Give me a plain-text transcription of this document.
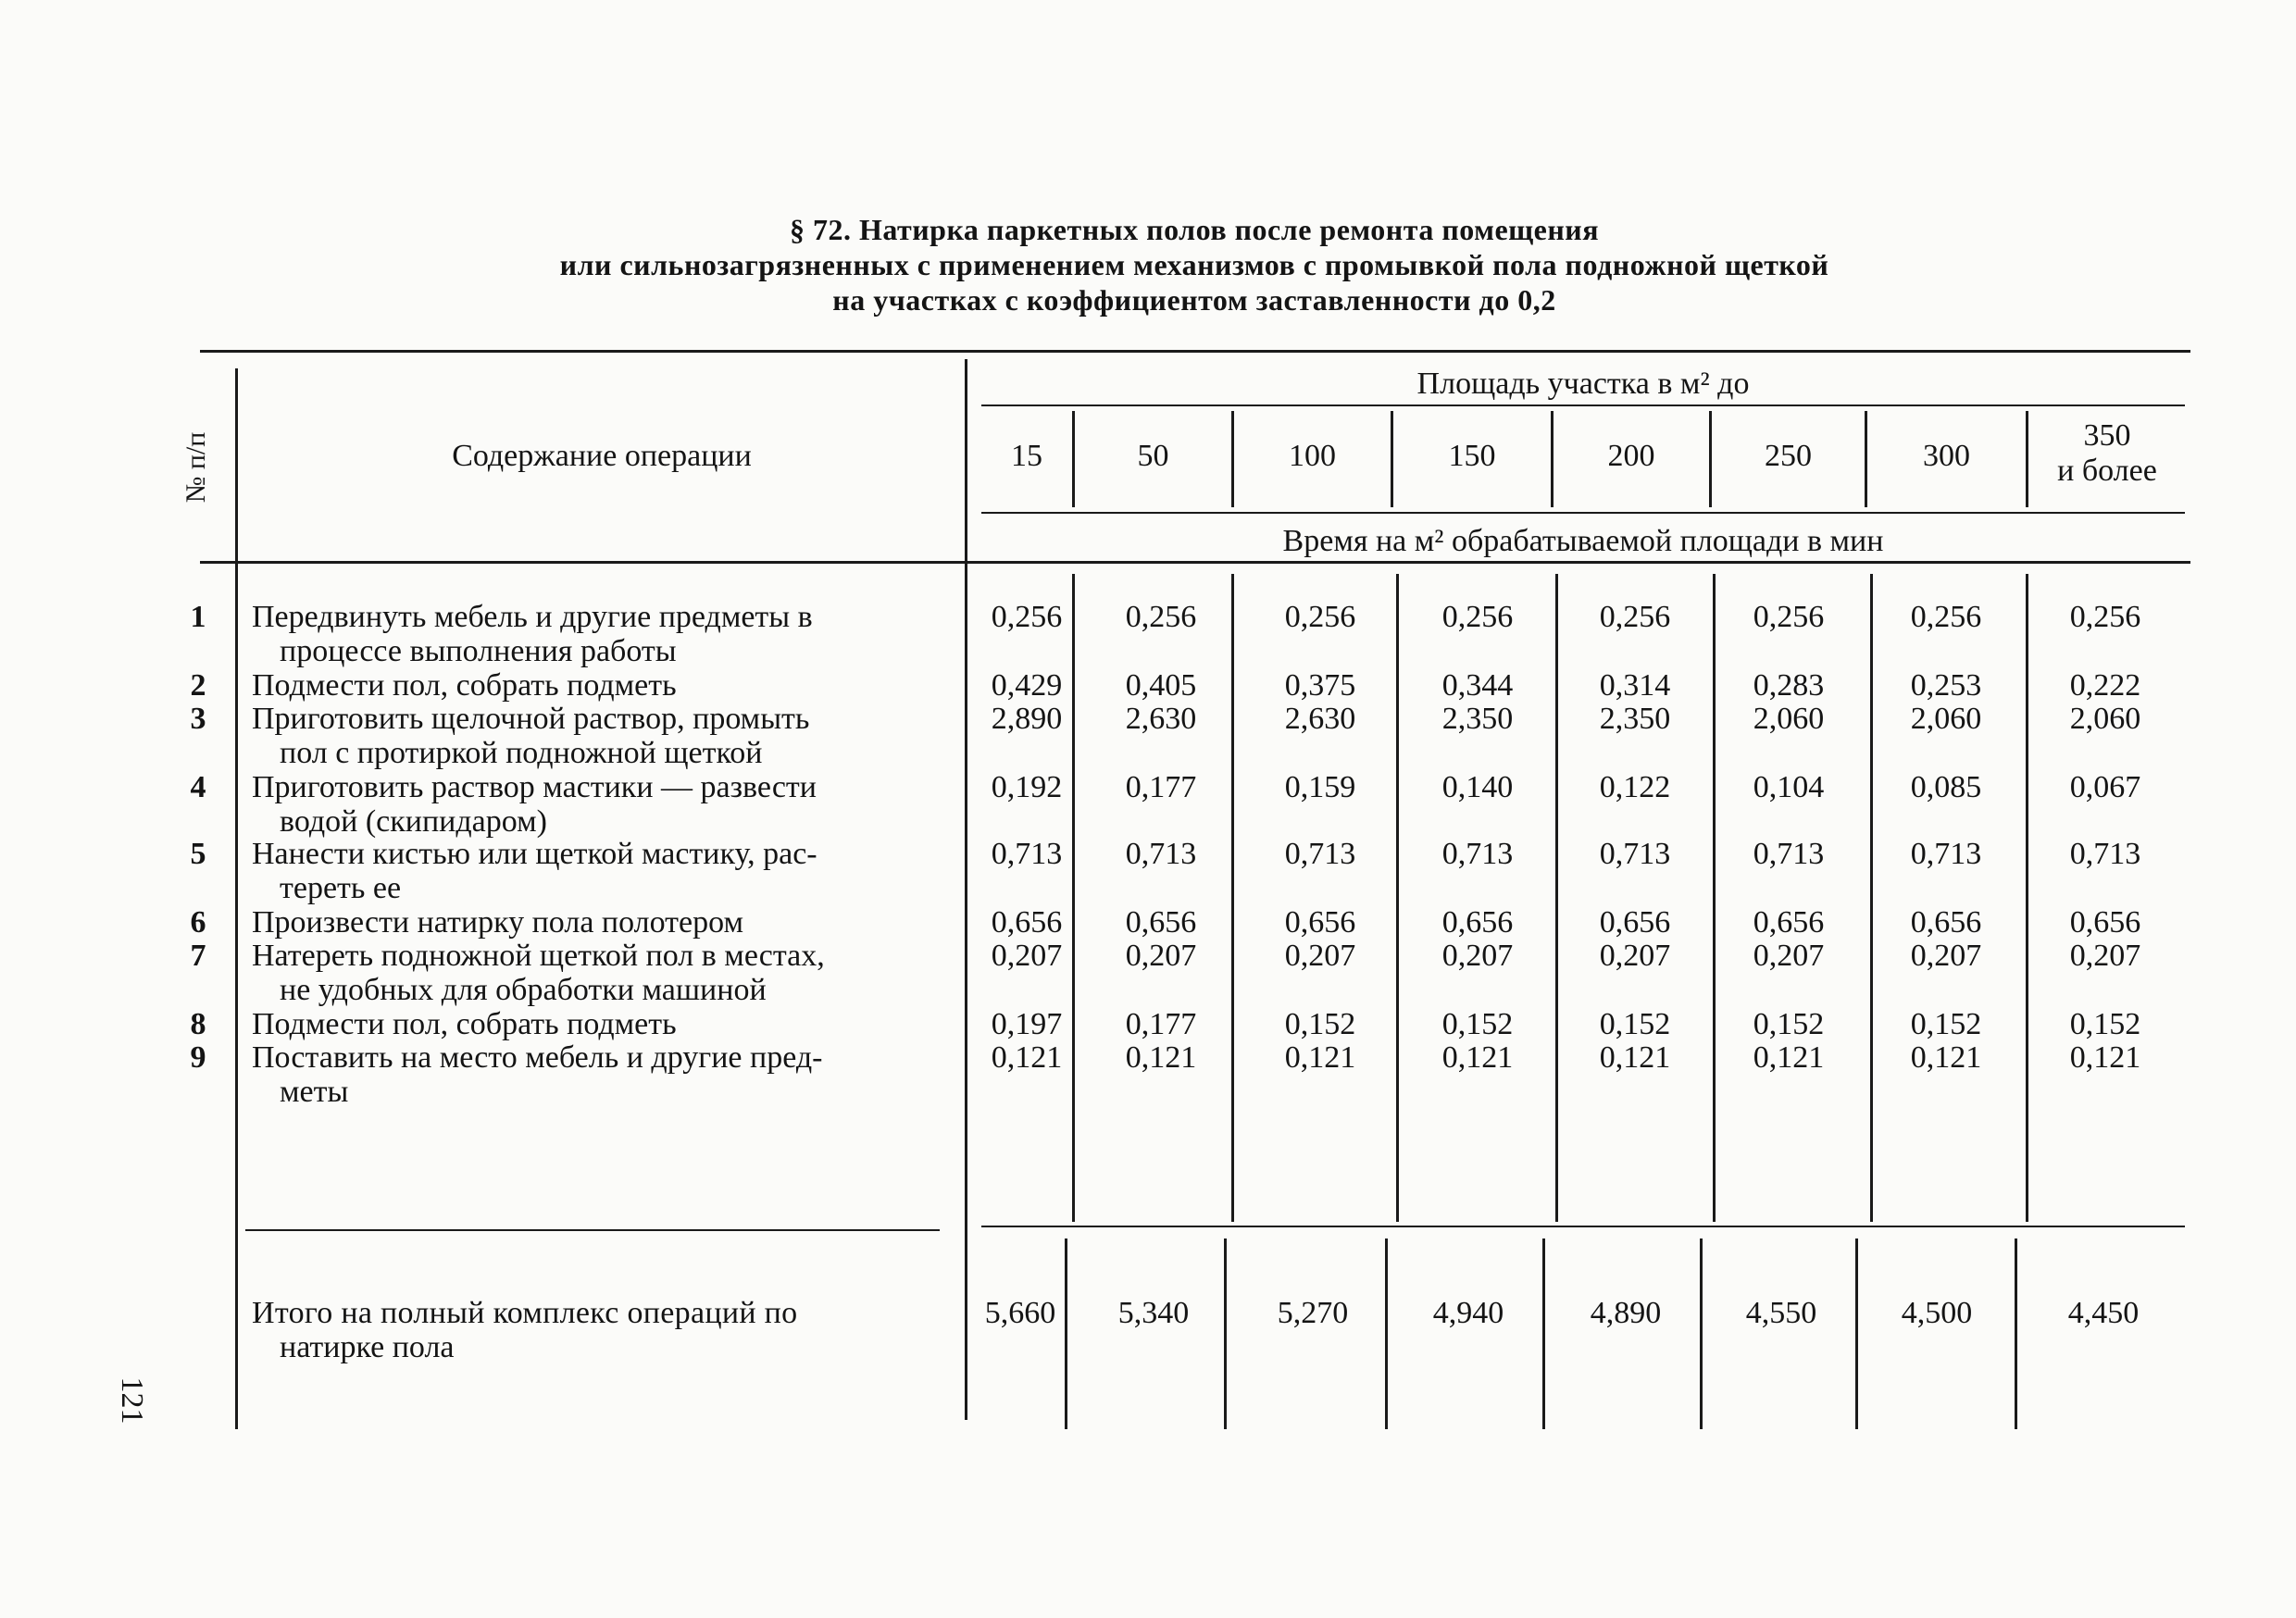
§ 72. Натирка паркетных полов после ремонта помещения
или сильнозагрязненных с применением механизмов с промывкой пола подножной щеткой
на участках с коэффициентом заставленности до 0,2
№ п/п	Содержание операции
Площадь участка в м² до
15	50	100	150	200	250	300
350
и более
Время на м² обрабатываемой площади в мин
1 Передвинуть мебель и другие предметы в
процессе выполнения работы
0,256	0,256	0,256	0,256	0,256	0,256	0,256	0,256
2 Подмести пол, собрать подметь	0,429	0,405	0,375	0,344	0,314	0,283	0,253	0,222
3 Приготовить щелочной раствор, промыть
пол с протиркой подножной щеткой
2,890	2,630	2,630	2,350	2,350	2,060	2,060	2,060
4 Приготовить раствор мастики — развести
водой (скипидаром)
0,192	0,177	0,159	0,140	0,122	0,104	0,085	0,067
5 Нанести кистью или щеткой мастику, рас-
тереть ее
0,713	0,713	0,713	0,713	0,713	0,713	0,713	0,713
6 Произвести натирку пола полотером	0,656	0,656	0,656	0,656	0,656	0,656	0,656	0,656
7 Натереть подножной щеткой пол в местах,
не удобных для обработки машиной
0,207	0,207	0,207	0,207	0,207	0,207	0,207	0,207
8 Подмести пол, собрать подметь	0,197	0,177	0,152	0,152	0,152	0,152	0,152	0,152
9 Поставить на место мебель и другие пред-
меты
0,121	0,121	0,121	0,121	0,121	0,121	0,121	0,121
Итого на полный комплекс операций по
натирке пола
5,660	5,340	5,270	4,940	4,890	4,550	4,500	4,450
121
